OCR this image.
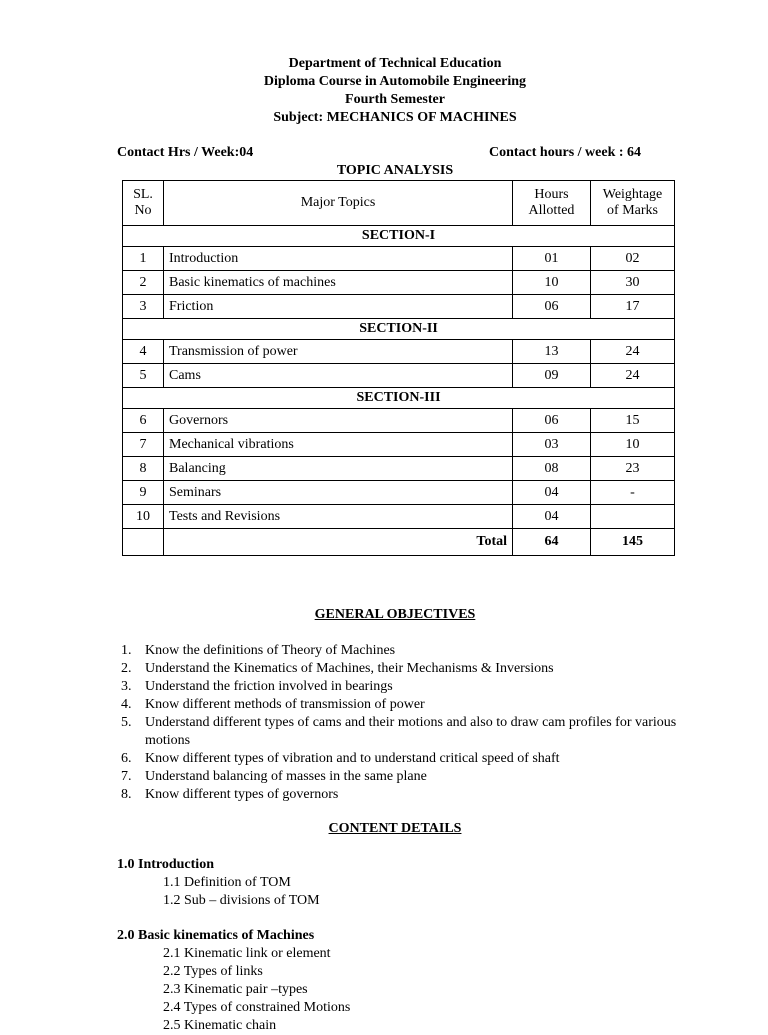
Department of Technical Education
Diploma Course in Automobile Engineering
Fourth Semester
Subject: MECHANICS OF MACHINES
Contact Hrs / Week:04	Contact hours / week : 64
TOPIC ANALYSIS
SL. No	Major Topics	Hours Allotted	Weightage of Marks
SECTION-I			
1	Introduction	01	02
2	Basic kinematics of machines	10	30
3	Friction	06	17
SECTION-II			
4	Transmission of power	13	24
5	Cams	09	24
SECTION-III			
6	Governors	06	15
7	Mechanical vibrations	03	10
8	Balancing	08	23
9	Seminars	04	-
10	Tests and Revisions	04	
	Total	64	145
GENERAL OBJECTIVES
1. Know the definitions of Theory of Machines
2. Understand the Kinematics of Machines, their Mechanisms & Inversions
3. Understand the friction involved in bearings
4. Know different methods of transmission of power
5. Understand different types of cams and their motions and also to draw cam profiles for various motions
6. Know different types of vibration and to understand critical speed of shaft
7. Understand balancing of masses in the same plane
8. Know different types of governors
CONTENT DETAILS
1.0 Introduction
1.1 Definition of TOM
1.2 Sub – divisions of TOM
2.0 Basic kinematics of Machines
2.1 Kinematic link or element
2.2 Types of links
2.3 Kinematic pair –types
2.4 Types of constrained Motions
2.5 Kinematic chain
